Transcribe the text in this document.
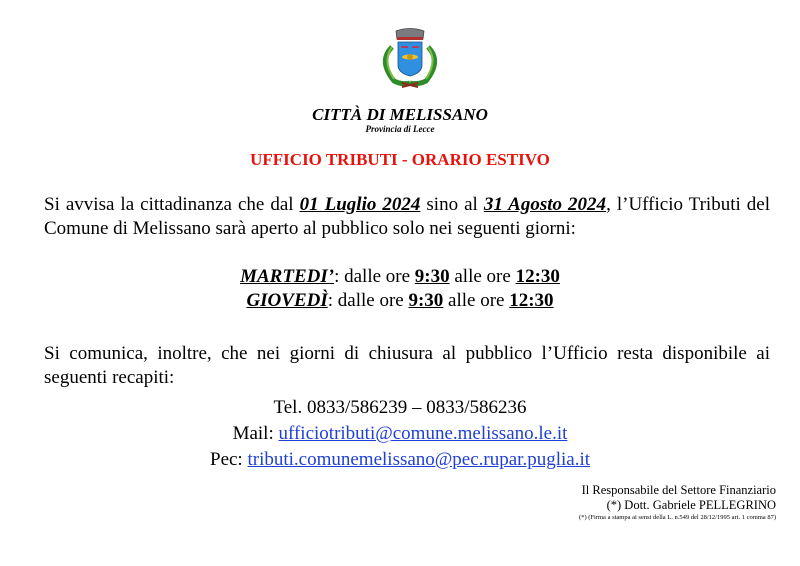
CITTÀ DI MELISSANO
Provincia di Lecce
UFFICIO TRIBUTI - ORARIO ESTIVO
Si avvisa la cittadinanza che dal 01 Luglio 2024 sino al 31 Agosto 2024, l’Ufficio Tributi del Comune di Melissano sarà aperto al pubblico solo nei seguenti giorni:
MARTEDI’: dalle ore 9:30 alle ore 12:30
GIOVEDÌ: dalle ore 9:30 alle ore 12:30
Si comunica, inoltre, che nei giorni di chiusura al pubblico l’Ufficio resta disponibile ai seguenti recapiti:
Tel. 0833/586239 – 0833/586236
Mail: ufficiotributi@comune.melissano.le.it
Pec: tributi.comunemelissano@pec.rupar.puglia.it
Il Responsabile del Settore Finanziario
(*) Dott. Gabriele PELLEGRINO
(*) (Firma a stampa ai sensi della L. n.549 del 28/12/1995 art. 1 comma 87)
